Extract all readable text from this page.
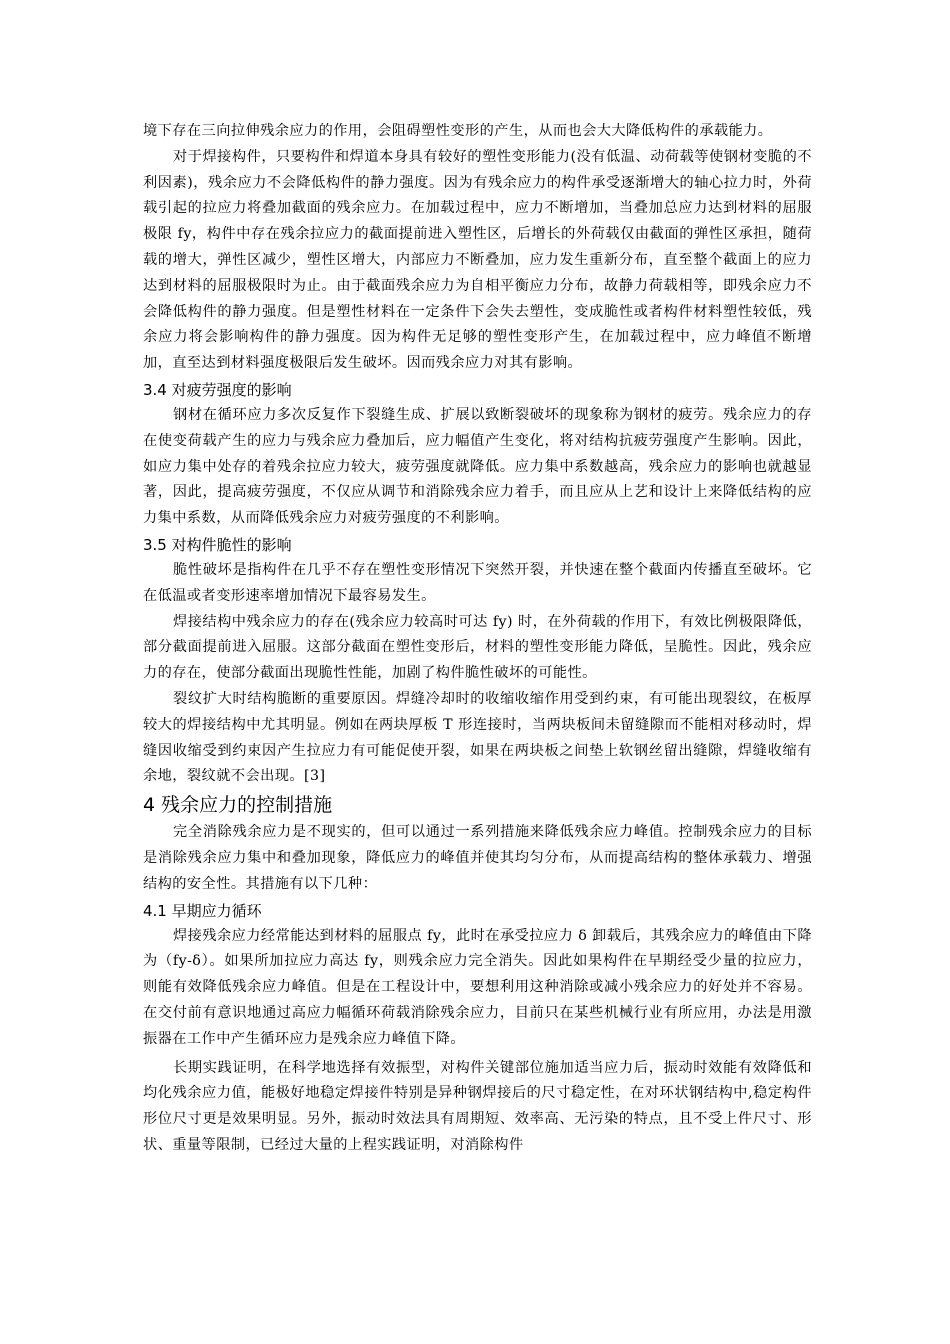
境下存在三向拉伸残余应力的作用，会阻碍塑性变形的产生，从而也会大大降低构件的承载能力。

对于焊接构件，只要构件和焊道本身具有较好的塑性变形能力(没有低温、动荷载等使钢材变脆的不利因素)，残余应力不会降低构件的静力强度。因为有残余应力的构件承受逐渐增大的轴心拉力时，外荷载引起的拉应力将叠加截面的残余应力。在加载过程中，应力不断增加，当叠加总应力达到材料的屈服极限 fy，构件中存在残余拉应力的截面提前进入塑性区，后增长的外荷载仅由截面的弹性区承担，随荷载的增大，弹性区减少，塑性区增大，内部应力不断叠加，应力发生重新分布，直至整个截面上的应力达到材料的屈服极限时为止。由于截面残余应力为自相平衡应力分布，故静力荷载相等，即残余应力不会降低构件的静力强度。但是塑性材料在一定条件下会失去塑性，变成脆性或者构件材料塑性较低，残余应力将会影响构件的静力强度。因为构件无足够的塑性变形产生，在加载过程中，应力峰值不断增加，直至达到材料强度极限后发生破坏。因而残余应力对其有影响。

3.4 对疲劳强度的影响

钢材在循环应力多次反复作下裂缝生成、扩展以致断裂破坏的现象称为钢材的疲劳。残余应力的存在使变荷载产生的应力与残余应力叠加后，应力幅值产生变化，将对结构抗疲劳强度产生影响。因此，如应力集中处存的着残余拉应力较大，疲劳强度就降低。应力集中系数越高，残余应力的影响也就越显著，因此，提高疲劳强度，不仅应从调节和消除残余应力着手，而且应从上艺和设计上来降低结构的应力集中系数，从而降低残余应力对疲劳强度的不利影响。

3.5 对构件脆性的影响

脆性破坏是指构件在几乎不存在塑性变形情况下突然开裂，并快速在整个截面内传播直至破坏。它在低温或者变形速率增加情况下最容易发生。

焊接结构中残余应力的存在(残余应力较高时可达 fy) 时，在外荷载的作用下，有效比例极限降低，部分截面提前进入屈服。这部分截面在塑性变形后，材料的塑性变形能力降低，呈脆性。因此，残余应力的存在，使部分截面出现脆性性能，加剧了构件脆性破坏的可能性。

裂纹扩大时结构脆断的重要原因。焊缝冷却时的收缩收缩作用受到约束，有可能出现裂纹，在板厚较大的焊接结构中尤其明显。例如在两块厚板 T 形连接时，当两块板间未留缝隙而不能相对移动时，焊缝因收缩受到约束因产生拉应力有可能促使开裂，如果在两块板之间垫上软钢丝留出缝隙，焊缝收缩有余地，裂纹就不会出现。[3]

4 残余应力的控制措施

完全消除残余应力是不现实的，但可以通过一系列措施来降低残余应力峰值。控制残余应力的目标是消除残余应力集中和叠加现象，降低应力的峰值并使其均匀分布，从而提高结构的整体承载力、增强结构的安全性。其措施有以下几种：

4.1 早期应力循环

焊接残余应力经常能达到材料的屈服点 fy，此时在承受拉应力 δ 卸载后，其残余应力的峰值由下降为（fy-δ）。如果所加拉应力高达 fy，则残余应力完全消失。因此如果构件在早期经受少量的拉应力，则能有效降低残余应力峰值。但是在工程设计中，要想利用这种消除或减小残余应力的好处并不容易。在交付前有意识地通过高应力幅循环荷载消除残余应力，目前只在某些机械行业有所应用，办法是用激振器在工作中产生循环应力是残余应力峰值下降。

长期实践证明，在科学地选择有效振型，对构件关键部位施加适当应力后，振动时效能有效降低和均化残余应力值，能极好地稳定焊接件特别是异种钢焊接后的尺寸稳定性，在对环状钢结构中,稳定构件形位尺寸更是效果明显。另外，振动时效法具有周期短、效率高、无污染的特点，且不受上件尺寸、形状、重量等限制，已经过大量的上程实践证明，对消除构件
